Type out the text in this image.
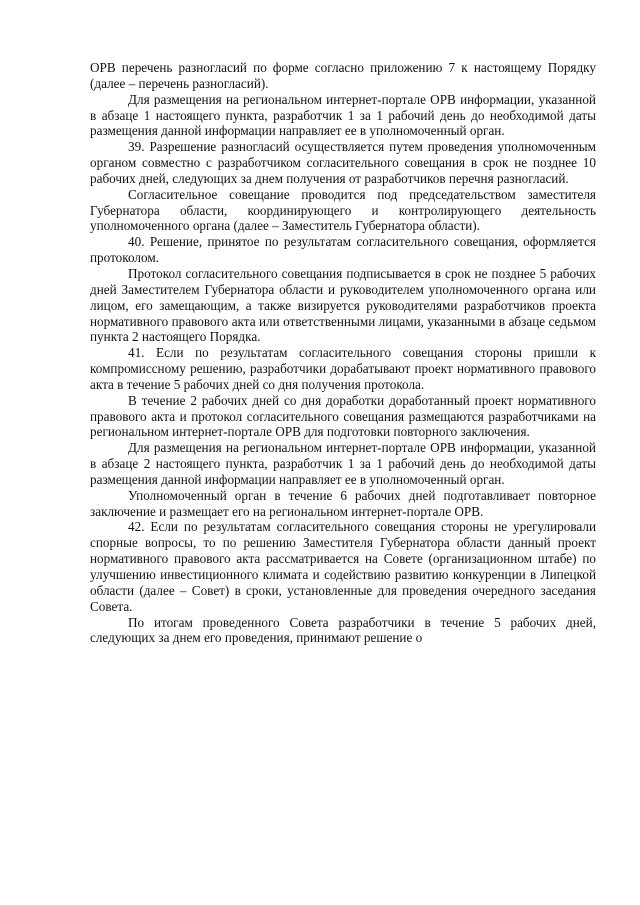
ОРВ перечень разногласий по форме согласно приложению 7 к настоящему Порядку (далее – перечень разногласий).

Для размещения на региональном интернет-портале ОРВ информации, указанной в абзаце 1 настоящего пункта, разработчик 1 за 1 рабочий день до необходимой даты размещения данной информации направляет ее в уполномоченный орган.

39. Разрешение разногласий осуществляется путем проведения уполномоченным органом совместно с разработчиком согласительного совещания в срок не позднее 10 рабочих дней, следующих за днем получения от разработчиков перечня разногласий.

Согласительное совещание проводится под председательством заместителя Губернатора области, координирующего и контролирующего деятельность уполномоченного органа (далее – Заместитель Губернатора области).

40. Решение, принятое по результатам согласительного совещания, оформляется протоколом.

Протокол согласительного совещания подписывается в срок не позднее 5 рабочих дней Заместителем Губернатора области и руководителем уполномоченного органа или лицом, его замещающим, а также визируется руководителями разработчиков проекта нормативного правового акта или ответственными лицами, указанными в абзаце седьмом пункта 2 настоящего Порядка.

41. Если по результатам согласительного совещания стороны пришли к компромиссному решению, разработчики дорабатывают проект нормативного правового акта в течение 5 рабочих дней со дня получения протокола.

В течение 2 рабочих дней со дня доработки доработанный проект нормативного правового акта и протокол согласительного совещания размещаются разработчиками на региональном интернет-портале ОРВ для подготовки повторного заключения.

Для размещения на региональном интернет-портале ОРВ информации, указанной в абзаце 2 настоящего пункта, разработчик 1 за 1 рабочий день до необходимой даты размещения данной информации направляет ее в уполномоченный орган.

Уполномоченный орган в течение 6 рабочих дней подготавливает повторное заключение и размещает его на региональном интернет-портале ОРВ.

42. Если по результатам согласительного совещания стороны не урегулировали спорные вопросы, то по решению Заместителя Губернатора области данный проект нормативного правового акта рассматривается на Совете (организационном штабе) по улучшению инвестиционного климата и содействию развитию конкуренции в Липецкой области (далее – Совет) в сроки, установленные для проведения очередного заседания Совета.

По итогам проведенного Совета разработчики в течение 5 рабочих дней, следующих за днем его проведения, принимают решение о
